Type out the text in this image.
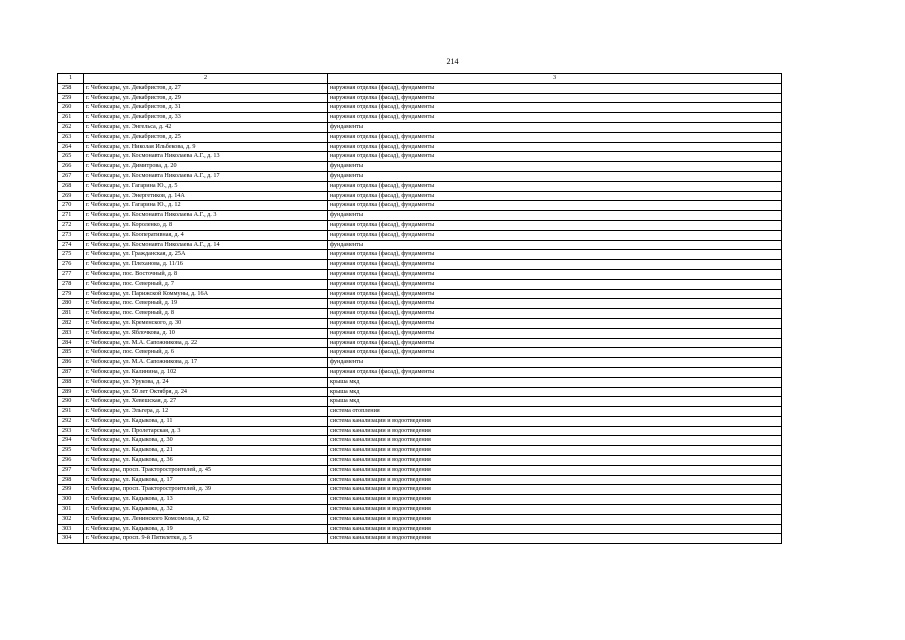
214
1	2	3
258	г. Чебоксары, ул. Декабристов, д. 27	наружная отделка (фасад), фундаменты
259	г. Чебоксары, ул. Декабристов, д. 29	наружная отделка (фасад), фундаменты
260	г. Чебоксары, ул. Декабристов, д. 31	наружная отделка (фасад), фундаменты
261	г. Чебоксары, ул. Декабристов, д. 33	наружная отделка (фасад), фундаменты
262	г. Чебоксары, ул. Энгельса, д. 42	фундаменты
263	г. Чебоксары, ул. Декабристов, д. 25	наружная отделка (фасад), фундаменты
264	г. Чебоксары, ул. Николая Ильбекова, д. 9	наружная отделка (фасад), фундаменты
265	г. Чебоксары, ул. Космонавта Николаева А.Г., д. 13	наружная отделка (фасад), фундаменты
266	г. Чебоксары, ул. Димитрова, д. 20	фундаменты
267	г. Чебоксары, ул. Космонавта Николаева А.Г., д. 17	фундаменты
268	г. Чебоксары, ул. Гагарина Ю., д. 5	наружная отделка (фасад), фундаменты
269	г. Чебоксары, ул. Энергетиков, д. 14А	наружная отделка (фасад), фундаменты
270	г. Чебоксары, ул. Гагарина Ю., д. 12	наружная отделка (фасад), фундаменты
271	г. Чебоксары, ул. Космонавта Николаева А.Г., д. 3	фундаменты
272	г. Чебоксары, ул. Короленко, д. 8	наружная отделка (фасад), фундаменты
273	г. Чебоксары, ул. Кооперативная, д. 4	наружная отделка (фасад), фундаменты
274	г. Чебоксары, ул. Космонавта Николаева А.Г., д. 14	фундаменты
275	г. Чебоксары, ул. Гражданская, д. 25А	наружная отделка (фасад), фундаменты
276	г. Чебоксары, ул. Плеханова, д. 11/16	наружная отделка (фасад), фундаменты
277	г. Чебоксары, пос. Восточный, д. 8	наружная отделка (фасад), фундаменты
278	г. Чебоксары, пос. Северный, д. 7	наружная отделка (фасад), фундаменты
279	г. Чебоксары, ул. Парижской Коммуны, д. 16А	наружная отделка (фасад), фундаменты
280	г. Чебоксары, пос. Северный, д. 19	наружная отделка (фасад), фундаменты
281	г. Чебоксары, пос. Северный, д. 8	наружная отделка (фасад), фундаменты
282	г. Чебоксары, ул. Кременского, д. 30	наружная отделка (фасад), фундаменты
283	г. Чебоксары, ул. Яблочкова, д. 10	наружная отделка (фасад), фундаменты
284	г. Чебоксары, ул. М.А. Сапожникова, д. 22	наружная отделка (фасад), фундаменты
285	г. Чебоксары, пос. Северный, д. 6	наружная отделка (фасад), фундаменты
286	г. Чебоксары, ул. М.А. Сапожникова, д. 17	фундаменты
287	г. Чебоксары, ул. Калинина, д. 102	наружная отделка (фасад), фундаменты
288	г. Чебоксары, ул. Урукова, д. 24	крыша мкд
289	г. Чебоксары, ул. 50 лет Октября, д. 24	крыша мкд
290	г. Чебоксары, ул. Хевешская, д. 27	крыша мкд
291	г. Чебоксары, ул. Эльгера, д. 12	система отопления
292	г. Чебоксары, ул. Кадыкова, д. 11	система канализации и водоотведения
293	г. Чебоксары, ул. Пролетарская, д. 3	система канализации и водоотведения
294	г. Чебоксары, ул. Кадыкова, д. 30	система канализации и водоотведения
295	г. Чебоксары, ул. Кадыкова, д. 21	система канализации и водоотведения
296	г. Чебоксары, ул. Кадыкова, д. 36	система канализации и водоотведения
297	г. Чебоксары, просп. Тракторостроителей, д. 45	система канализации и водоотведения
298	г. Чебоксары, ул. Кадыкова, д. 17	система канализации и водоотведения
299	г. Чебоксары, просп. Тракторостроителей, д. 39	система канализации и водоотведения
300	г. Чебоксары, ул. Кадыкова, д. 13	система канализации и водоотведения
301	г. Чебоксары, ул. Кадыкова, д. 32	система канализации и водоотведения
302	г. Чебоксары, ул. Ленинского Комсомола, д. 62	система канализации и водоотведения
303	г. Чебоксары, ул. Кадыкова, д. 19	система канализации и водоотведения
304	г. Чебоксары, просп. 9-й Пятилетки, д. 5	система канализации и водоотведения
